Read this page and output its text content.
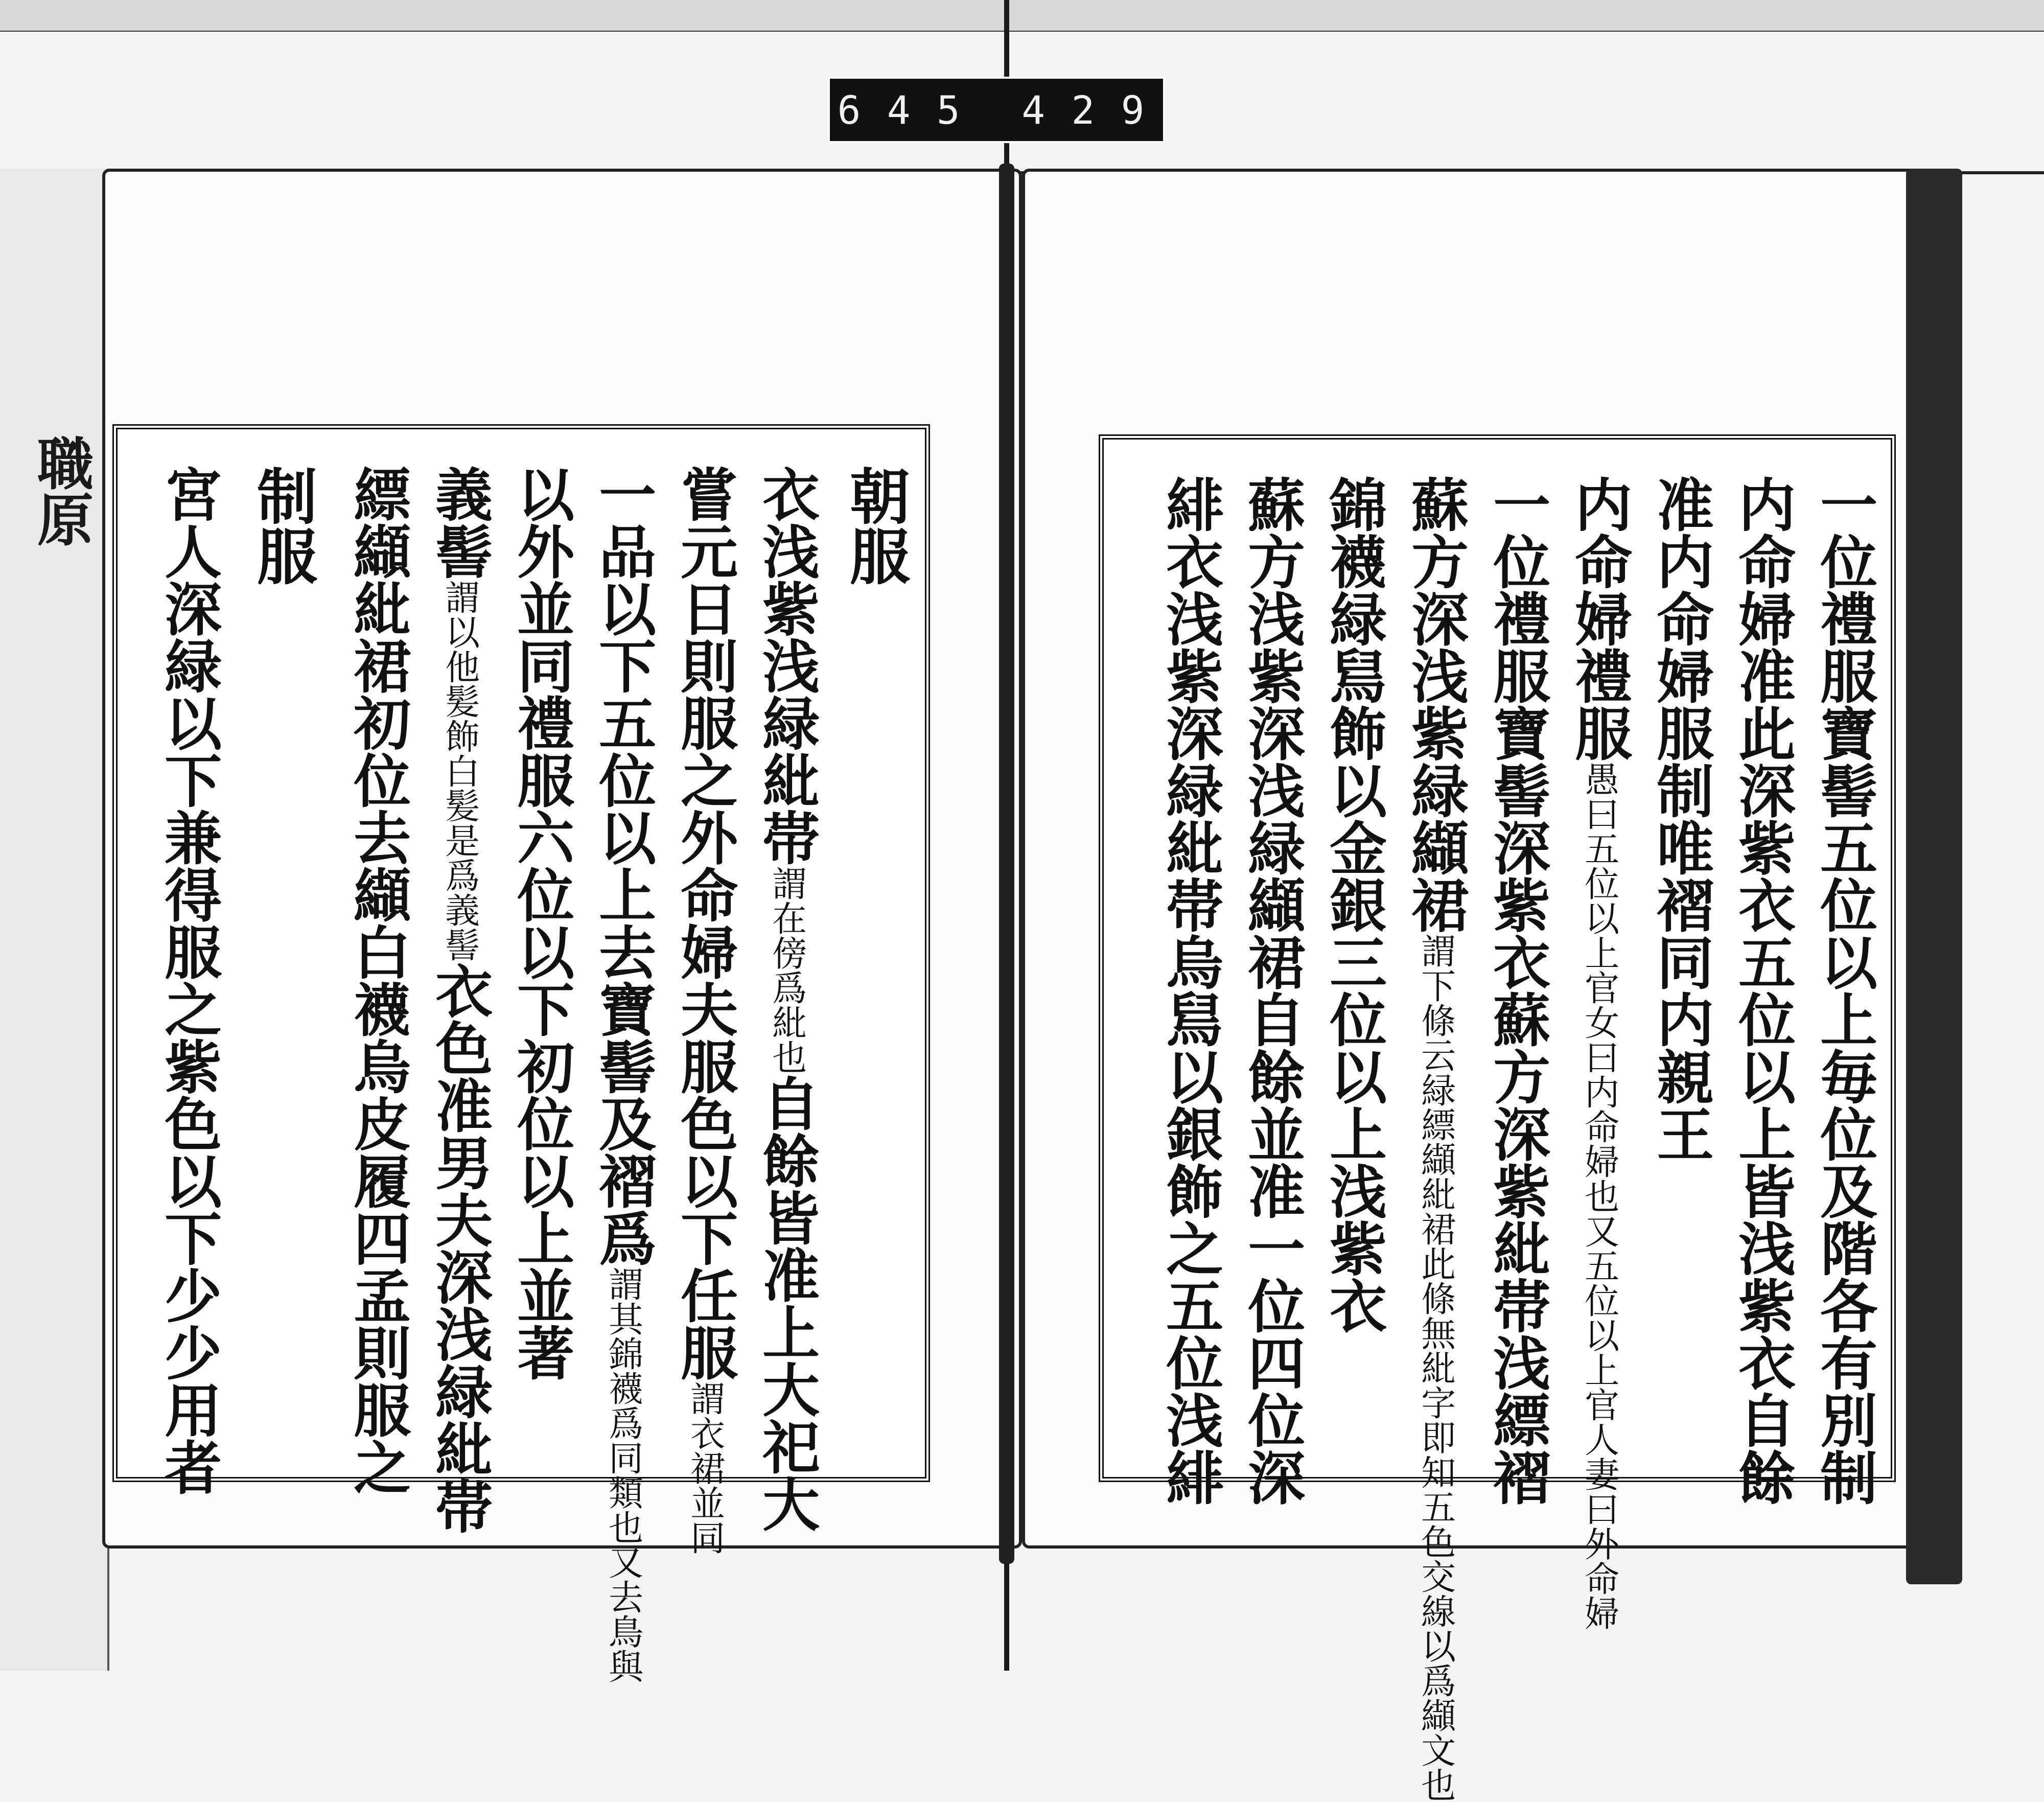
6 4 5 4 2 9
職原	朝服
衣浅紫浅緑紕帯謂在傍爲紕也自餘皆准上大祀大
嘗元日則服之外命婦夫服色以下任服謂衣裙並同
一品以下五位以上去寶髻及褶爲謂其錦襪爲同類也又去鳥與
以外並同禮服六位以下初位以上並著
義髻謂以他髪飾白髪是爲義髻衣色准男夫深浅緑紕帯
縹纈紕裙初位去纈白襪烏皮履四孟則服之
制服
宮人深緑以下兼得服之紫色以下少少用者	一位禮服寶髻五位以上毎位及階各有別制
内命婦准此深紫衣五位以上皆浅紫衣自餘
准内命婦服制唯褶同内親王
内命婦禮服愚曰五位以上官女曰内命婦也又五位以上官人妻曰外命婦
一位禮服寶髻深紫衣蘇方深紫紕帯浅縹褶
蘇方深浅紫緑纈裙謂下條云緑縹纈紕裙此條無紕字即知五色交線以爲纈文也
錦襪緑舃飾以金銀三位以上浅紫衣
蘇方浅紫深浅緑纈裙自餘並准一位四位深
緋衣浅紫深緑紕帯烏舃以銀飾之五位浅緋
